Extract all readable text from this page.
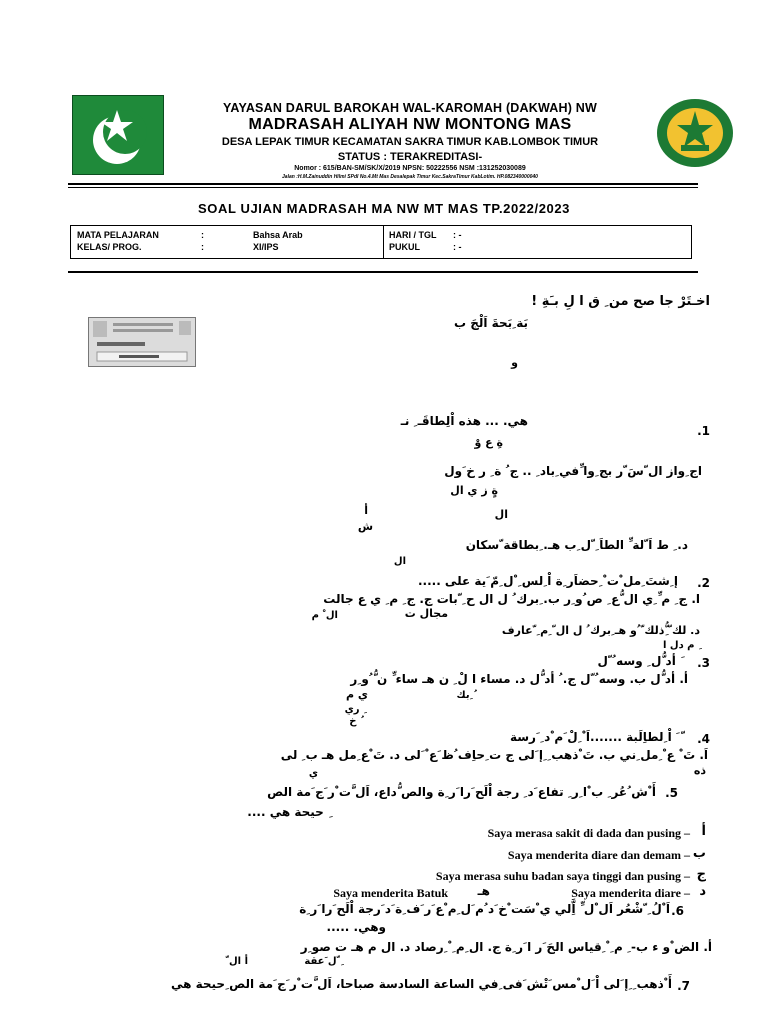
YAYASAN DARUL BAROKAH WAL-KAROMAH (DAKWAH) NW
MADRASAH ALIYAH NW MONTONG MAS
DESA LEPAK TIMUR KECAMATAN SAKRA TIMUR KAB.LOMBOK TIMUR
STATUS : TERAKREDITASI-
Nomor : 615/BAN-SM/SK/X/2019 NPSN: 50222556 NSM :131252030089
Jalan :H.M.Zainuddin Hilmi SPdI No.4.Mt Mas Desalepak Timur Kec.SakraTimur KabLotim. HP.082340000040
SOAL UJIAN MADRASAH MA NW MT MAS TP.2022/2023
MATA PELAJARAN	:	Bahsa Arab
KELAS/ PROG.	:	XI/IPS
HARI / TGL : -
PUKUL	: -
اخـتَرْ جا صح من ِ ق ا لِ بـَةِ !
بَة ِبَحةَ اَلْجَ ب
و
1.
هي. ... هذه اْلِطاقَـ ِ نـ
ةِ ع وْ
اج ِواز ال ّسَ ّر بج ِوا ِّفي ِباد ِ .. ج ُ ة ِ ر خ َول
ةٍ ز ي ال
أ	ال
ش
د. ِ ط اَ ّلة ِّ الطاَ ِ ّل ِب هـ. ِبطاقة ّسكان
ال
2.
إ ِشتَ ِمل ْت ْ ِحضاَر ِة اْ ِلس ِ ْل ِمّ َية على .....
ا. ج ِ م ِّ ِي ال ُّع ِ ص ُو ِر ب. ِبرك ُ ل ال ح ِ ّبات ج. ج ِ م ِ ي ع جالت
مجال ت
ال ْ م
د. لك ّ ُِّذلك ّ ُو هـ ِبرك ُ ل ال ّ ِم ِ ّعارف
ِ م دل ا
3.
َ أد ُّل ِ وسه ُ ّل
أ. أد ُّل ب. وسه ُ ّل ج. ُ أد ُّل د. مساء ا لْ ِ ن هـ ساء ِّ ن ُّ ُو ِر
ي م	ُ ِبك
ِ ري
ُ خ
4.
ّ َ اْ ِلطاِلَبة .......اَ ْ ِلْ َم ْد ِ َرسة
اَ. تَ ْ ع ْ ِمل ِني ب. تَ ْذهب ِ ِإ َلى ج ت ِحاِف ُظ َع ْ َلى د. تَ ْع ِمل هـ ب ِ لى
ذه
ي
5.
أَ ْش ُعُر ِ ب ْا ِر ِ تفاع َد ِ رجة اْلَح َرا َر ِة والص ُّداع، اَل َّت ْر َج َمة الص
ِ حيحة هي ....
Saya merasa sakit di dada dan pusing – أ
Saya menderita diare dan demam – ب
Saya merasa suhu badan saya tinggi dan pusing – ج
Saya menderita diare – د
هـ
Saya menderita Batuk
6.
اَ ْلُ ِ ّشْعُر اَل ْل ِّ اَِّلي ي ْسَت ْخ َد ُم َل ِم ْع َر َف ِة َد َرجة اْلَح َرا َر ِة
وهي. .....
أ. الض ْو ء ب- ِ م ِ ْ ِقياس الحَ َر ا َر ِة ج. ال ِم ِ ْ ِرصاد د. ال م هـ ت صو ِر
ِ ّل َعقة
أ ال ّ
7.
أَ ْذهب ِ ِإ َلى اْ َل ْمس َتْش َفى ِفي الساعة السادسة صباحا، اَل َّت ْر َج َمة الص ِحيحة هي
